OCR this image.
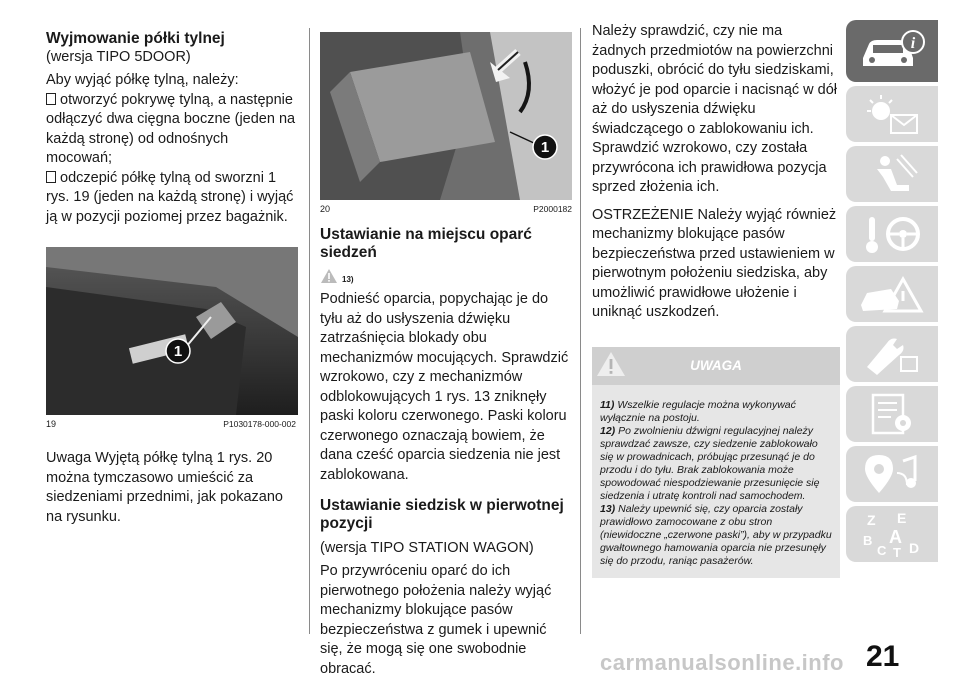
Wyjmowanie półki tylnej

(wersja TIPO 5DOOR)

Aby wyjąć półkę tylną, należy:

otworzyć pokrywę tylną, a następnie odłączyć dwa cięgna boczne (jeden na każdą stronę) od odnośnych mocowań;

odczepić półkę tylną od sworzni 1 rys. 19 (jeden na każdą stronę) i wyjąć ją w pozycji poziomej przez bagażnik.

1
19	P1030178-000-002

Uwaga Wyjętą półkę tylną 1 rys. 20 można tymczasowo umieścić za siedzeniami przednimi, jak pokazano na rysunku.

1
20	P2000182
Ustawianie na miejscu oparć siedzeń
13)

Podnieść oparcia, popychając je do tyłu aż do usłyszenia dźwięku zatrzaśnięcia blokady obu mechanizmów mocujących. Sprawdzić wzrokowo, czy z mechanizmów odblokowujących 1 rys. 13 zniknęły paski koloru czerwonego. Paski koloru czerwonego oznaczają bowiem, że dana cześć oparcia siedzenia nie jest zablokowana.

Ustawianie siedzisk w pierwotnej pozycji

(wersja TIPO STATION WAGON)

Po przywróceniu oparć do ich pierwotnego położenia należy wyjąć mechanizmy blokujące pasów bezpieczeństwa z gumek i upewnić się, że mogą się one swobodnie obracać.

Należy sprawdzić, czy nie ma żadnych przedmiotów na powierzchni poduszki, obrócić do tyłu siedziskami, włożyć je pod oparcie i nacisnąć w dół aż do usłyszenia dźwięku świadczącego o zablokowaniu ich. Sprawdzić wzrokowo, czy została przywrócona ich prawidłowa pozycja sprzed złożenia ich.

OSTRZEŻENIE Należy wyjąć również mechanizmy blokujące pasów bezpieczeństwa przed ustawieniem w pierwotnym położeniu siedziska, aby umożliwić prawidłowe ułożenie i uniknąć uszkodzeń.

UWAGA
11) Wszelkie regulacje można wykonywać wyłącznie na postoju.
12) Po zwolnieniu dźwigni regulacyjnej należy sprawdzać zawsze, czy siedzenie zablokowało się w prowadnicach, próbując przesunąć je do przodu i do tyłu. Brak zablokowania może spowodować niespodziewanie przesunięcie się siedzenia i utratę kontroli nad samochodem.
13) Należy upewnić się, czy oparcia zostały prawidłowo zamocowane z obu stron (niewidoczne „czerwone paski”), aby w przypadku gwałtownego hamowania oparcia nie przesunęły się do przodu, raniąc pasażerów.
i
Z E
B A
C T D
carmanualsonline.info 21
